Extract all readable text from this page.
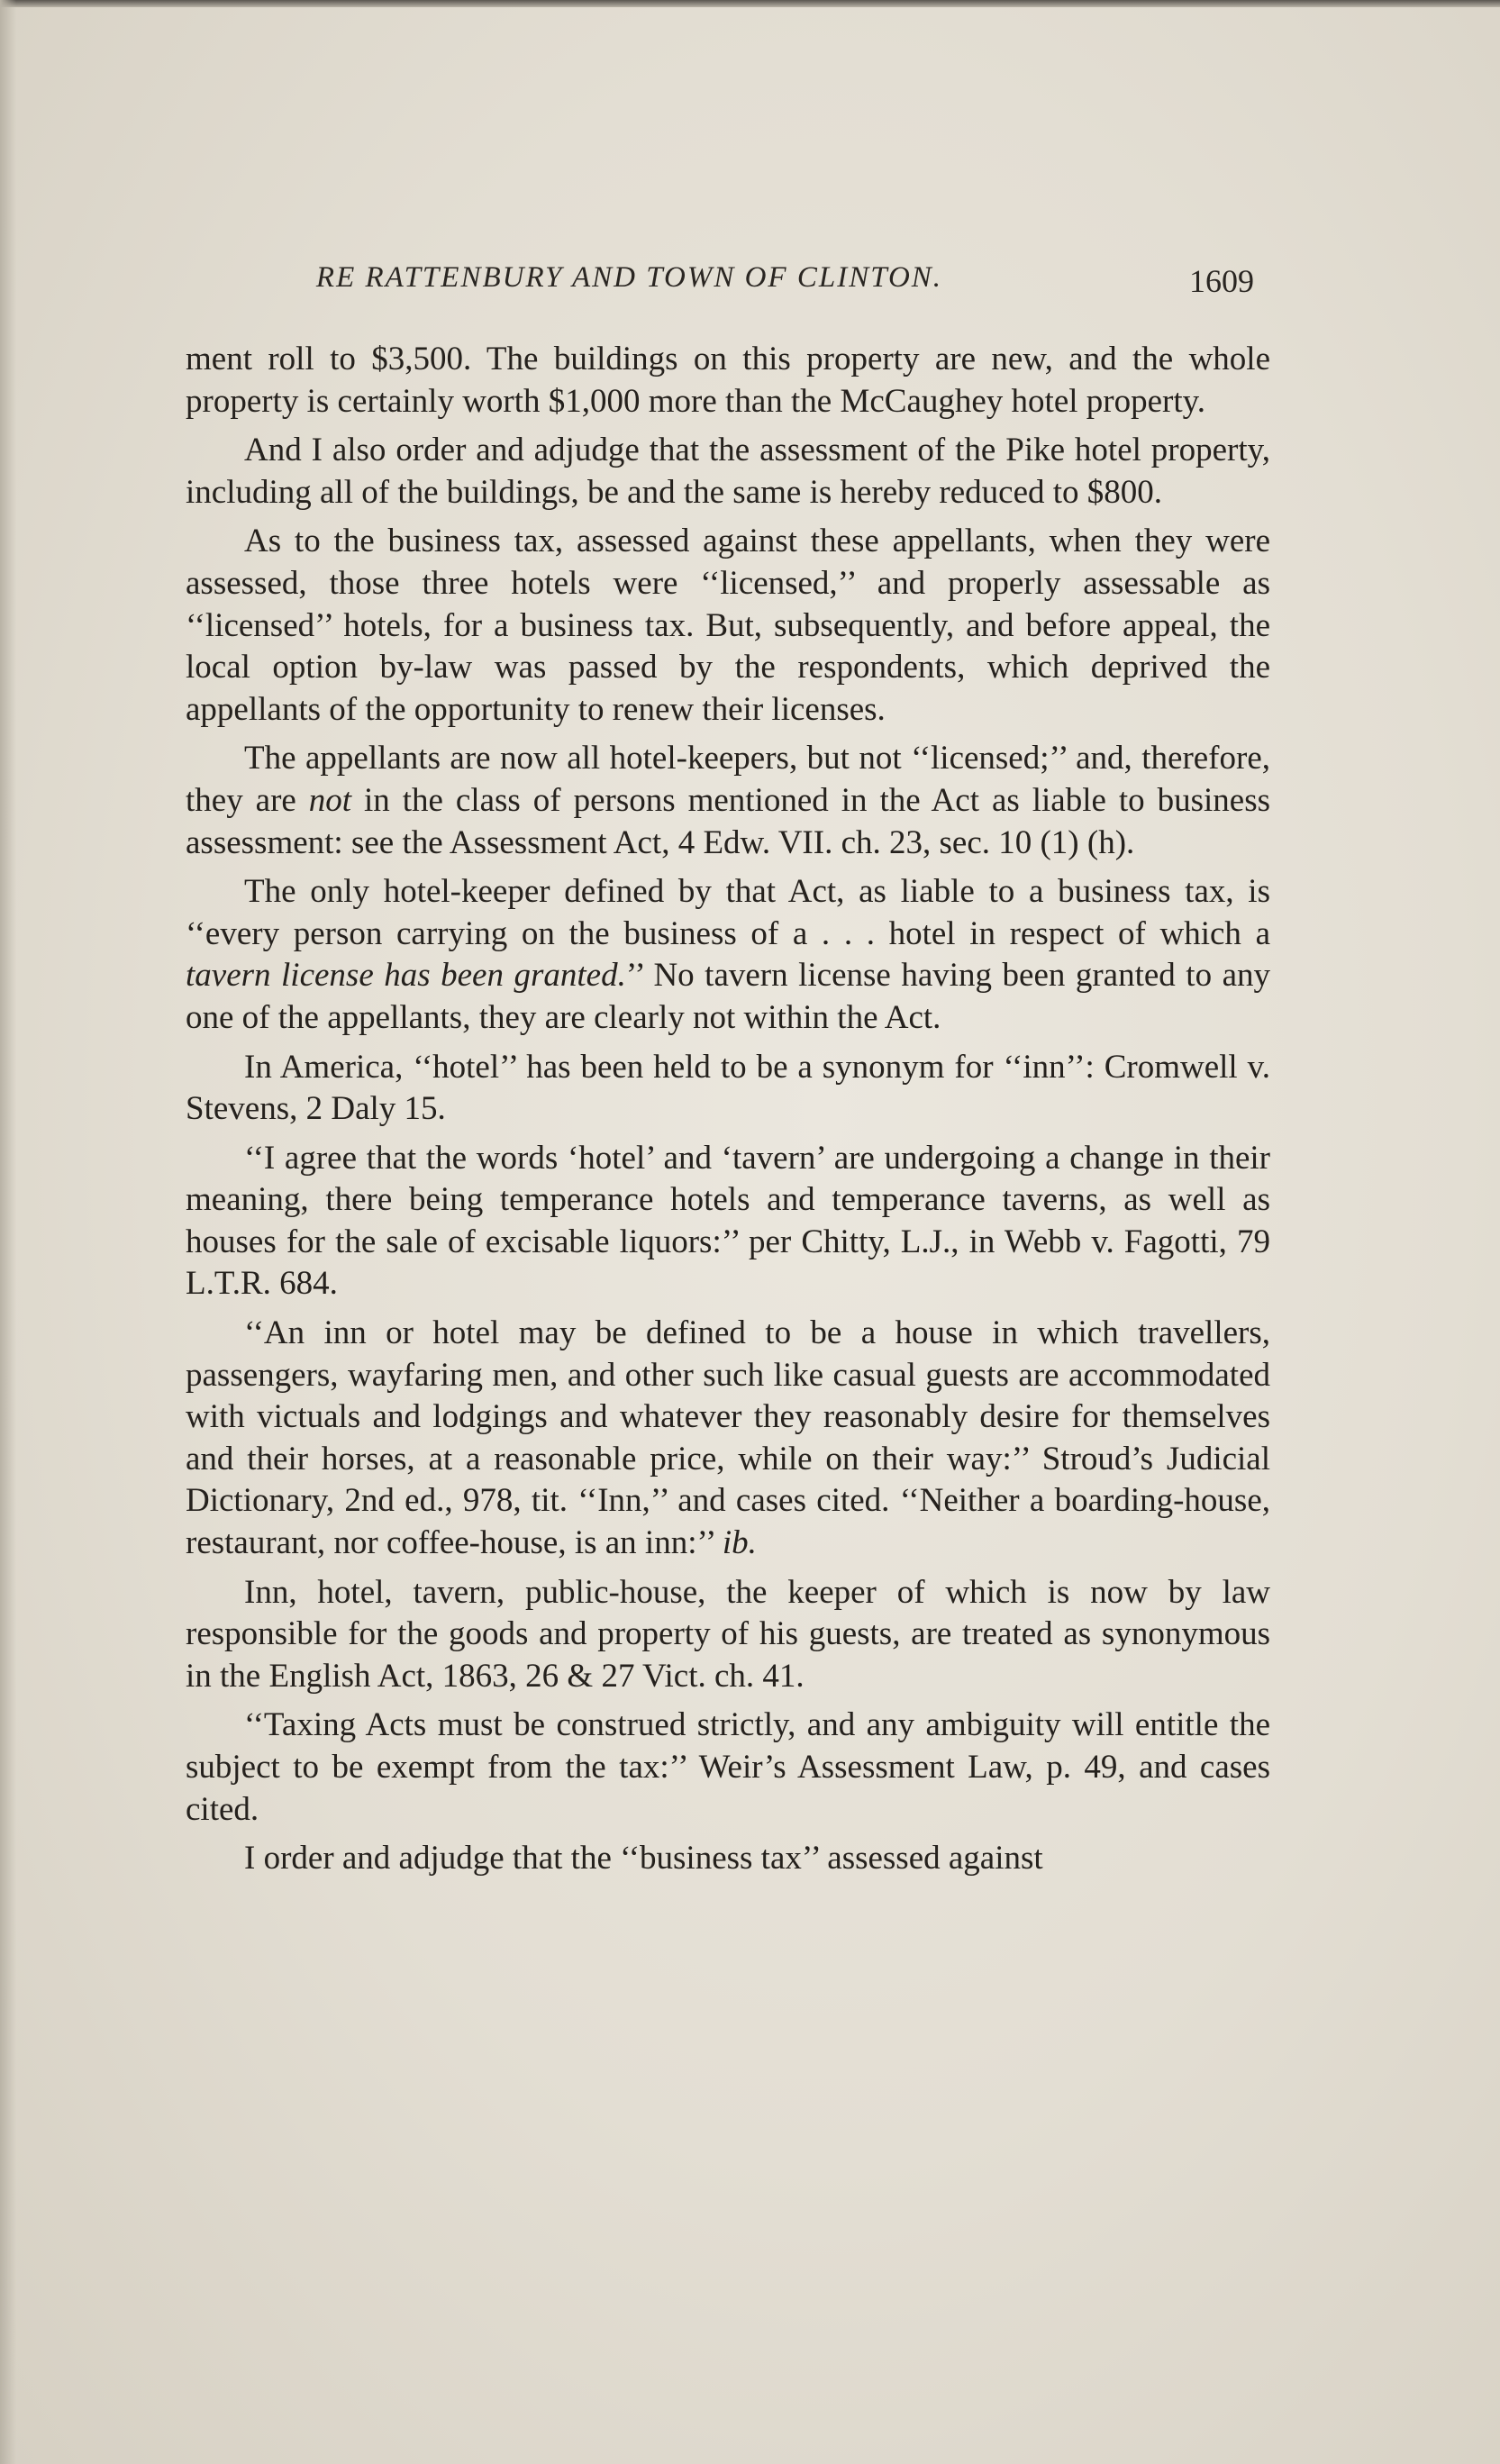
RE RATTENBURY AND TOWN OF CLINTON.	1609

ment roll to $3,500. The buildings on this property are new, and the whole property is certainly worth $1,000 more than the McCaughey hotel property.

And I also order and adjudge that the assessment of the Pike hotel property, including all of the buildings, be and the same is hereby reduced to $800.

As to the business tax, assessed against these appellants, when they were assessed, those three hotels were ‘‘licensed,’’ and properly assessable as ‘‘licensed’’ hotels, for a business tax. But, subsequently, and before appeal, the local option by-law was passed by the respondents, which deprived the appellants of the opportunity to renew their licenses.

The appellants are now all hotel-keepers, but not ‘‘licensed;’’ and, therefore, they are not in the class of persons mentioned in the Act as liable to business assessment: see the Assessment Act, 4 Edw. VII. ch. 23, sec. 10 (1) (h).

The only hotel-keeper defined by that Act, as liable to a business tax, is ‘‘every person carrying on the business of a . . . hotel in respect of which a tavern license has been granted.’’ No tavern license having been granted to any one of the appellants, they are clearly not within the Act.

In America, ‘‘hotel’’ has been held to be a synonym for ‘‘inn’’: Cromwell v. Stevens, 2 Daly 15.

‘‘I agree that the words ‘hotel’ and ‘tavern’ are undergoing a change in their meaning, there being temperance hotels and temperance taverns, as well as houses for the sale of excisable liquors:’’ per Chitty, L.J., in Webb v. Fagotti, 79 L.T.R. 684.

‘‘An inn or hotel may be defined to be a house in which travellers, passengers, wayfaring men, and other such like casual guests are accommodated with victuals and lodgings and whatever they reasonably desire for themselves and their horses, at a reasonable price, while on their way:’’ Stroud’s Judicial Dictionary, 2nd ed., 978, tit. ‘‘Inn,’’ and cases cited. ‘‘Neither a boarding-house, restaurant, nor coffee-house, is an inn:’’ ib.

Inn, hotel, tavern, public-house, the keeper of which is now by law responsible for the goods and property of his guests, are treated as synonymous in the English Act, 1863, 26 & 27 Vict. ch. 41.

‘‘Taxing Acts must be construed strictly, and any ambiguity will entitle the subject to be exempt from the tax:’’ Weir’s Assessment Law, p. 49, and cases cited.

I order and adjudge that the ‘‘business tax’’ assessed against
